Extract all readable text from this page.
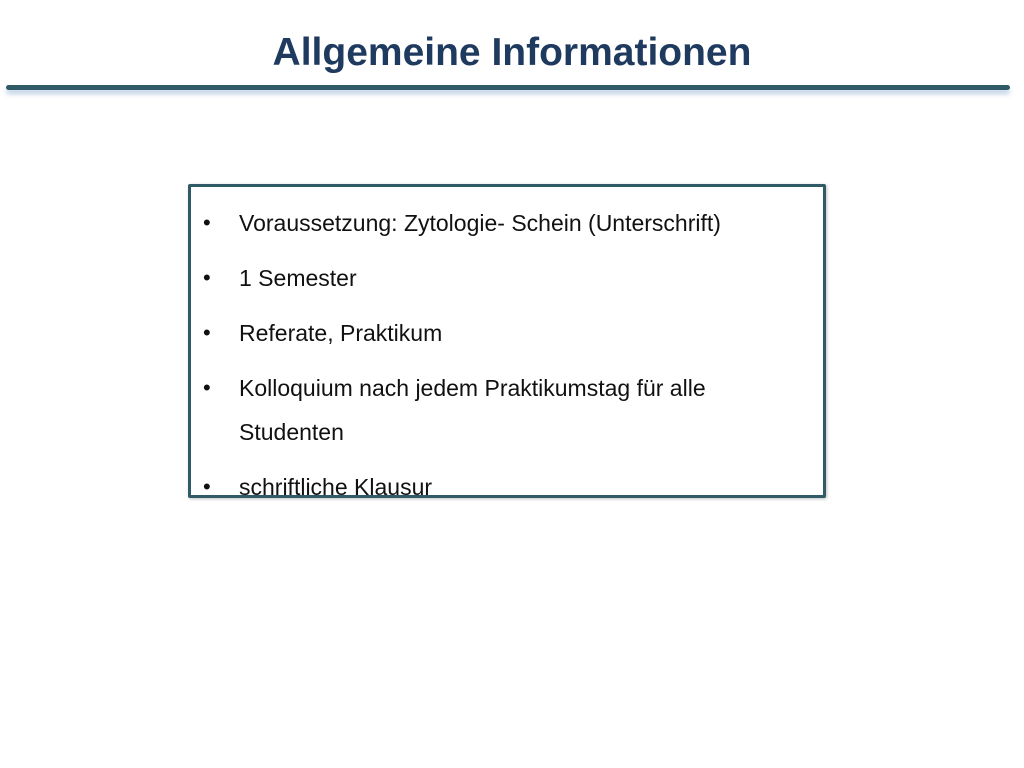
Allgemeine Informationen
•	Voraussetzung: Zytologie- Schein (Unterschrift)
•	1 Semester
•	Referate, Praktikum
•	Kolloquium nach jedem Praktikumstag für alle Studenten
•	schriftliche Klausur
